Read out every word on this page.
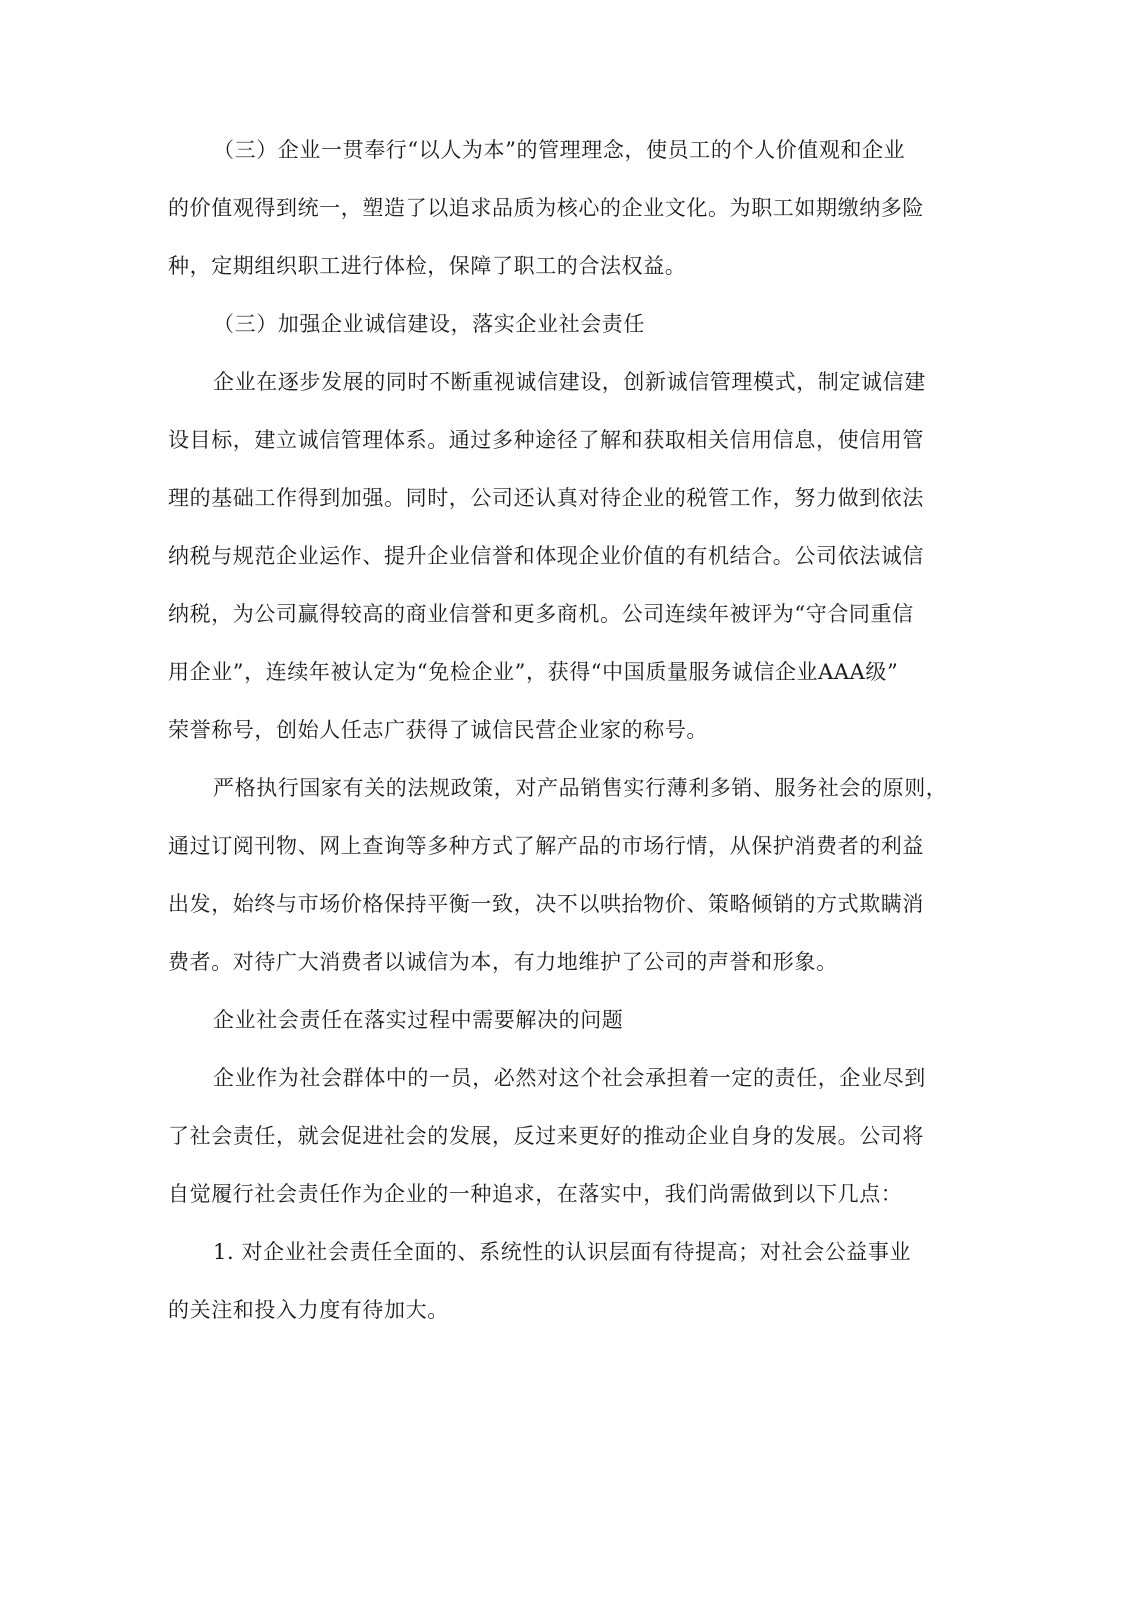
（三）企业一贯奉行“以人为本”的管理理念，使员工的个人价值观和企业
的价值观得到统一，塑造了以追求品质为核心的企业文化。为职工如期缴纳多险
种，定期组织职工进行体检，保障了职工的合法权益。
（三）加强企业诚信建设，落实企业社会责任
企业在逐步发展的同时不断重视诚信建设，创新诚信管理模式，制定诚信建
设目标，建立诚信管理体系。通过多种途径了解和获取相关信用信息，使信用管
理的基础工作得到加强。同时，公司还认真对待企业的税管工作，努力做到依法
纳税与规范企业运作、提升企业信誉和体现企业价值的有机结合。公司依法诚信
纳税，为公司赢得较高的商业信誉和更多商机。公司连续年被评为“守合同重信
用企业”，连续年被认定为“免检企业”，获得“中国质量服务诚信企业AAA级”
荣誉称号，创始人任志广获得了诚信民营企业家的称号。
严格执行国家有关的法规政策，对产品销售实行薄利多销、服务社会的原则，
通过订阅刊物、网上查询等多种方式了解产品的市场行情，从保护消费者的利益
出发，始终与市场价格保持平衡一致，决不以哄抬物价、策略倾销的方式欺瞒消
费者。对待广大消费者以诚信为本，有力地维护了公司的声誉和形象。
企业社会责任在落实过程中需要解决的问题
企业作为社会群体中的一员，必然对这个社会承担着一定的责任，企业尽到
了社会责任，就会促进社会的发展，反过来更好的推动企业自身的发展。公司将
自觉履行社会责任作为企业的一种追求，在落实中，我们尚需做到以下几点：
1. 对企业社会责任全面的、系统性的认识层面有待提高；对社会公益事业
的关注和投入力度有待加大。
